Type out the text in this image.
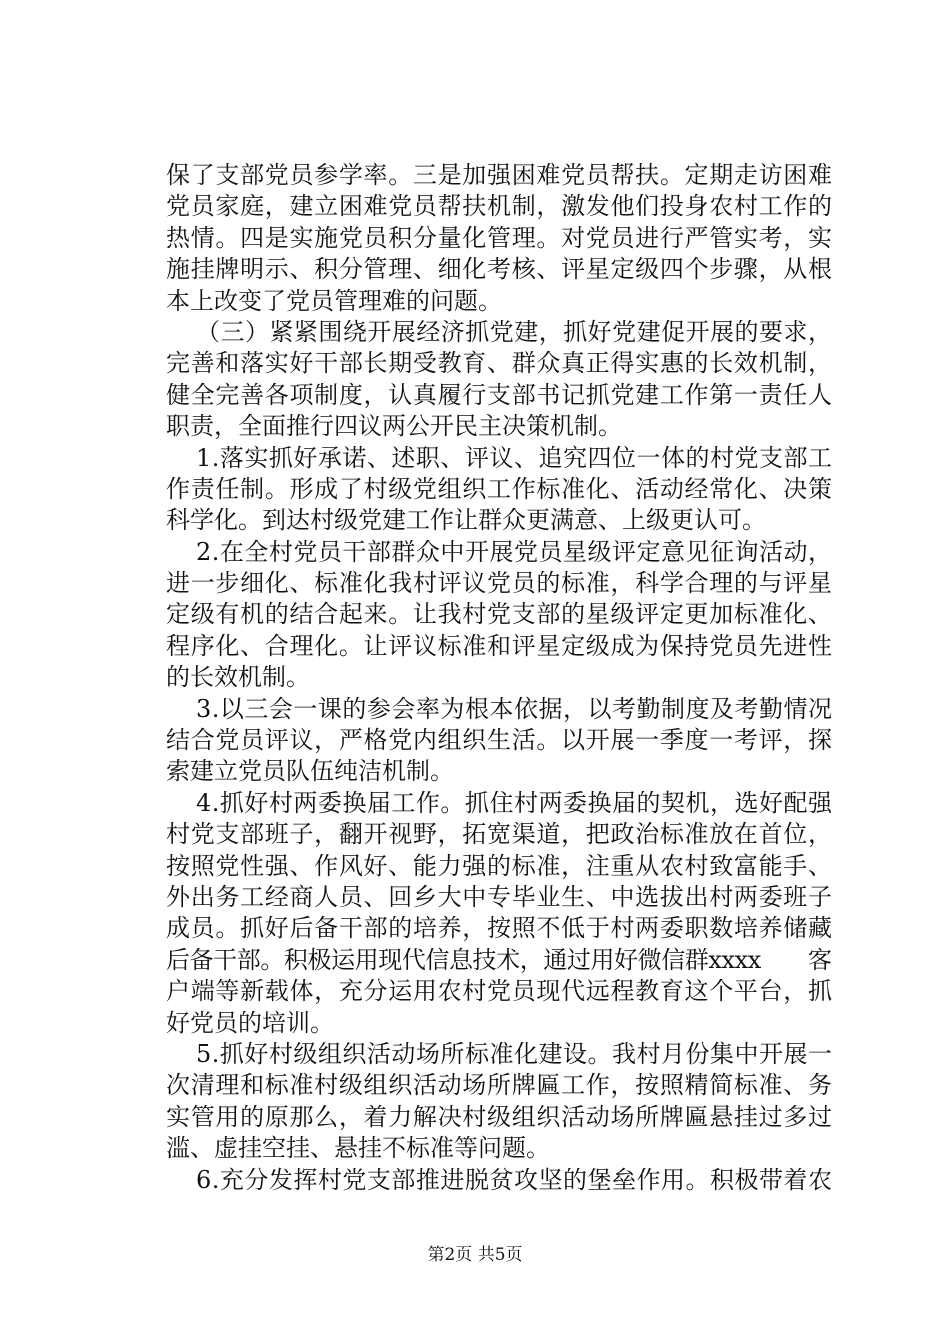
保了支部党员参学率。三是加强困难党员帮扶。定期走访困难
党员家庭，建立困难党员帮扶机制，激发他们投身农村工作的
热情。四是实施党员积分量化管理。对党员进行严管实考，实
施挂牌明示、积分管理、细化考核、评星定级四个步骤，从根
本上改变了党员管理难的问题。
（三）紧紧围绕开展经济抓党建，抓好党建促开展的要求，
完善和落实好干部长期受教育、群众真正得实惠的长效机制，
健全完善各项制度，认真履行支部书记抓党建工作第一责任人
职责，全面推行四议两公开民主决策机制。
1.落实抓好承诺、述职、评议、追究四位一体的村党支部工
作责任制。形成了村级党组织工作标准化、活动经常化、决策
科学化。到达村级党建工作让群众更满意、上级更认可。
2.在全村党员干部群众中开展党员星级评定意见征询活动，
进一步细化、标准化我村评议党员的标准，科学合理的与评星
定级有机的结合起来。让我村党支部的星级评定更加标准化、
程序化、合理化。让评议标准和评星定级成为保持党员先进性
的长效机制。
3.以三会一课的参会率为根本依据，以考勤制度及考勤情况
结合党员评议，严格党内组织生活。以开展一季度一考评，探
索建立党员队伍纯洁机制。
4.抓好村两委换届工作。抓住村两委换届的契机，选好配强
村党支部班子，翻开视野，拓宽渠道，把政治标准放在首位，
按照党性强、作风好、能力强的标准，注重从农村致富能手、
外出务工经商人员、回乡大中专毕业生、中选拔出村两委班子
成员。抓好后备干部的培养，按照不低于村两委职数培养储藏
后备干部。积极运用现代信息技术，通过用好微信群xxxx　　客
户端等新载体，充分运用农村党员现代远程教育这个平台，抓
好党员的培训。
5.抓好村级组织活动场所标准化建设。我村月份集中开展一
次清理和标准村级组织活动场所牌匾工作，按照精简标准、务
实管用的原那么，着力解决村级组织活动场所牌匾悬挂过多过
滥、虚挂空挂、悬挂不标准等问题。
6.充分发挥村党支部推进脱贫攻坚的堡垒作用。积极带着农
第2页 共5页
